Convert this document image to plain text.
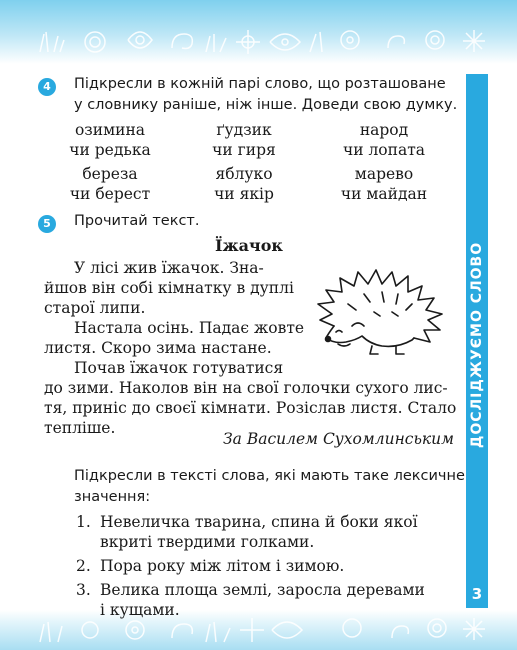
ДОСЛІДЖУЄМО СЛОВО
3
4	Підкресли в кожній парі слово, що розташоване
у словнику раніше, ніж інше. Доведи свою думку.
озимина
чи редька
ґудзик
чи гиря
народ
чи лопата
береза
чи берест
яблуко
чи якір
марево
чи майдан
5	Прочитай текст.
Їжачок
У лісі жив їжачок. Зна-
йшов він собі кімнатку в дуплі
старої липи.
Настала осінь. Падає жовте
листя. Скоро зима настане.
Почав їжачок готуватися
до зими. Наколов він на свої голочки сухого лис-
тя, приніс до своєї кімнати. Розіслав листя. Стало
тепліше.
За Василем Сухомлинським
Підкресли в тексті слова, які мають таке лексичне
значення:
1. Невеличка тварина, спина й боки якої
вкриті твердими голками.
2. Пора року між літом і зимою.
3. Велика площа землі, заросла деревами
і кущами.
